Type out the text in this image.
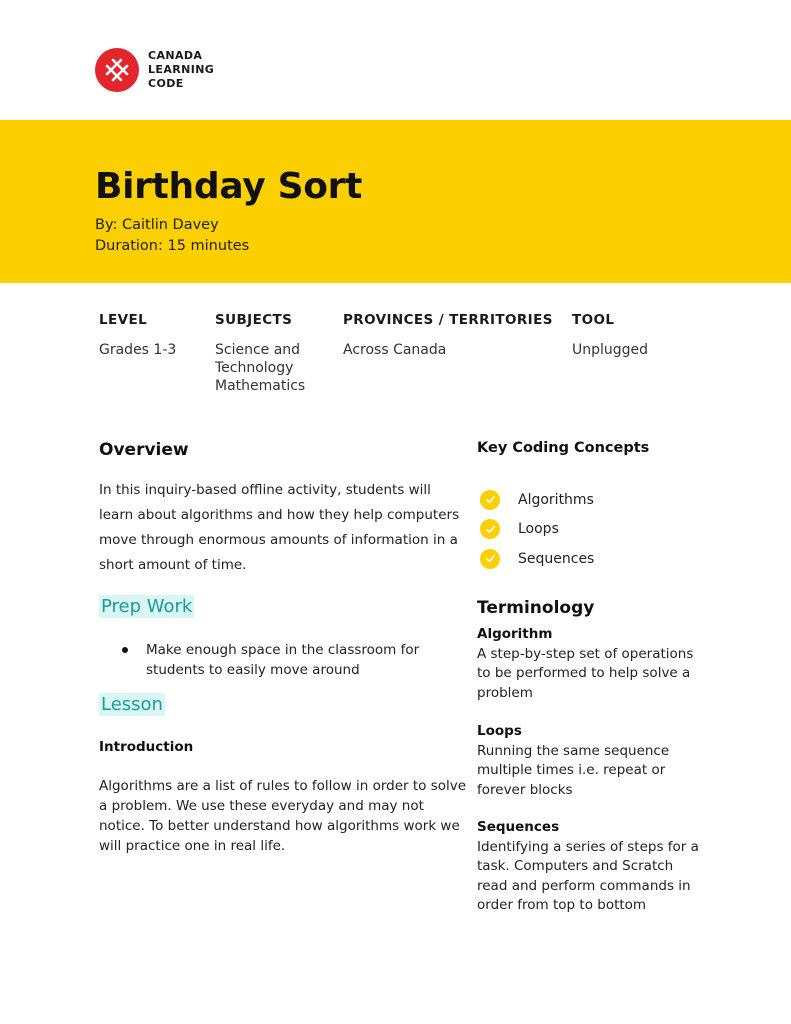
CANADA
LEARNING
CODE
Birthday Sort
By: Caitlin Davey
Duration: 15 minutes
LEVEL
Grades 1-3
SUBJECTS
Science and
Technology
Mathematics
PROVINCES / TERRITORIES
Across Canada
TOOL
Unplugged
Overview

In this inquiry-based offline activity, students will learn about algorithms and how they help computers move through enormous amounts of information in a short amount of time.

Prep Work
Make enough space in the classroom for students to easily move around
Lesson
Introduction

Algorithms are a list of rules to follow in order to solve a problem. We use these everyday and may not notice. To better understand how algorithms work we will practice one in real life.

Key Coding Concepts
Algorithms
Loops
Sequences
Terminology
Algorithm
A step-by-step set of operations to be performed to help solve a problem
Loops
Running the same sequence multiple times i.e. repeat or forever blocks
Sequences
Identifying a series of steps for a task. Computers and Scratch read and perform commands in order from top to bottom
